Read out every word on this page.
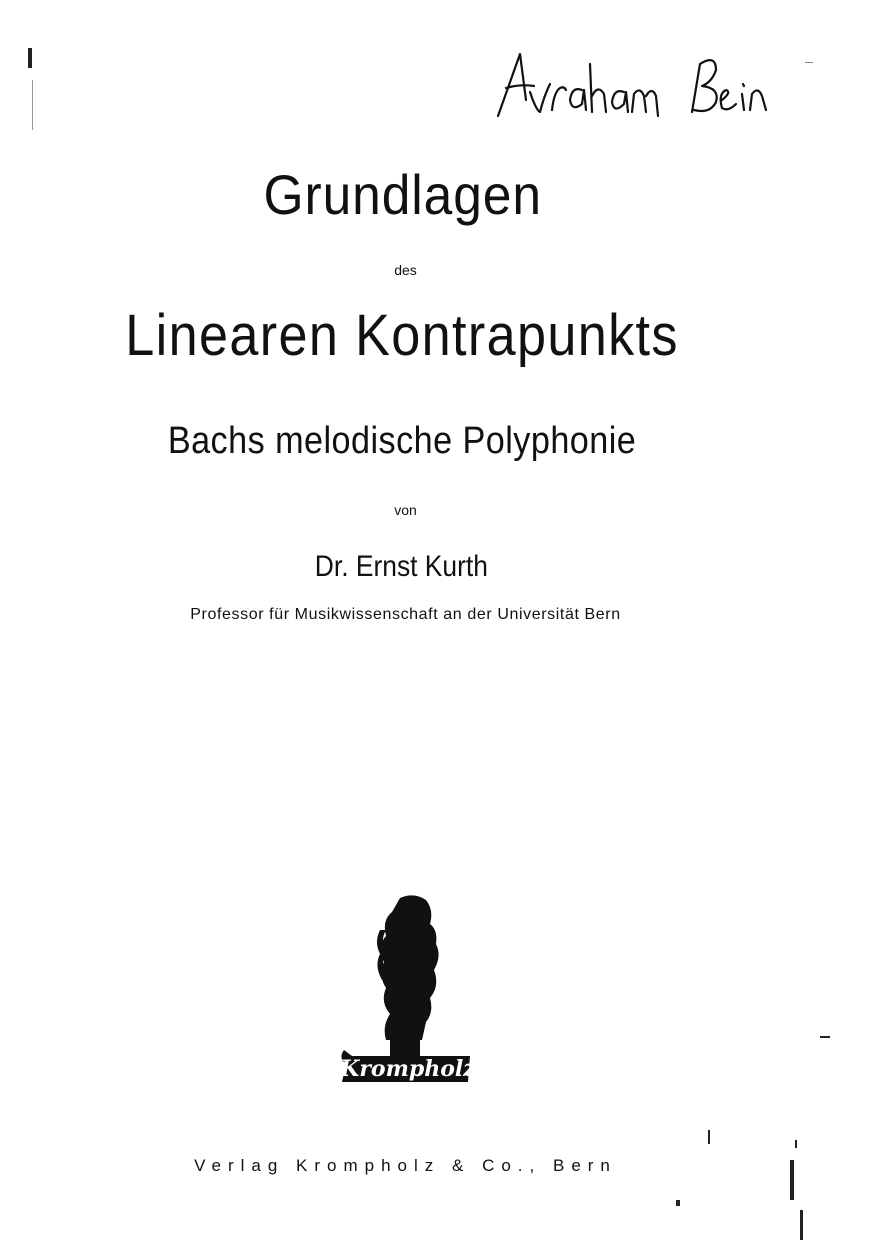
Grundlagen
des
Linearen Kontrapunkts
Bachs melodische Polyphonie
von
Dr. Ernst Kurth
Professor für Musikwissenschaft an der Universität Bern
Krompholz
Verlag Krompholz & Co., Bern
